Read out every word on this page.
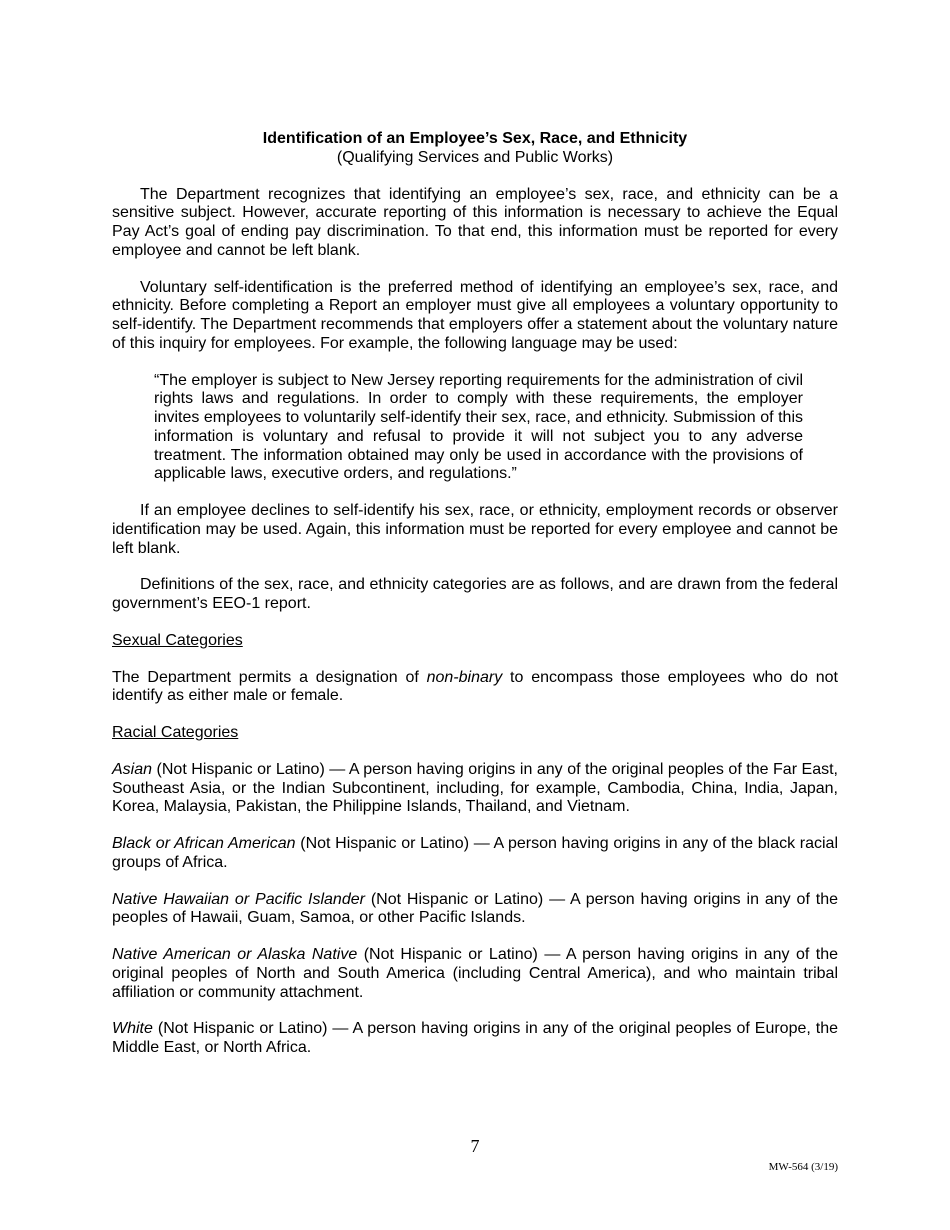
Identification of an Employee’s Sex, Race, and Ethnicity
(Qualifying Services and Public Works)

The Department recognizes that identifying an employee’s sex, race, and ethnicity can be a sensitive subject. However, accurate reporting of this information is necessary to achieve the Equal Pay Act’s goal of ending pay discrimination. To that end, this information must be reported for every employee and cannot be left blank.

Voluntary self-identification is the preferred method of identifying an employee’s sex, race, and ethnicity. Before completing a Report an employer must give all employees a voluntary opportunity to self-identify. The Department recommends that employers offer a statement about the voluntary nature of this inquiry for employees. For example, the following language may be used:

“The employer is subject to New Jersey reporting requirements for the administration of civil rights laws and regulations. In order to comply with these requirements, the employer invites employees to voluntarily self-identify their sex, race, and ethnicity. Submission of this information is voluntary and refusal to provide it will not subject you to any adverse treatment. The information obtained may only be used in accordance with the provisions of applicable laws, executive orders, and regulations.”

If an employee declines to self-identify his sex, race, or ethnicity, employment records or observer identification may be used. Again, this information must be reported for every employee and cannot be left blank.

Definitions of the sex, race, and ethnicity categories are as follows, and are drawn from the federal government’s EEO-1 report.

Sexual Categories

The Department permits a designation of non-binary to encompass those employees who do not identify as either male or female.

Racial Categories

Asian (Not Hispanic or Latino) — A person having origins in any of the original peoples of the Far East, Southeast Asia, or the Indian Subcontinent, including, for example, Cambodia, China, India, Japan, Korea, Malaysia, Pakistan, the Philippine Islands, Thailand, and Vietnam.

Black or African American (Not Hispanic or Latino) — A person having origins in any of the black racial groups of Africa.

Native Hawaiian or Pacific Islander (Not Hispanic or Latino) — A person having origins in any of the peoples of Hawaii, Guam, Samoa, or other Pacific Islands.

Native American or Alaska Native (Not Hispanic or Latino) — A person having origins in any of the original peoples of North and South America (including Central America), and who maintain tribal affiliation or community attachment.

White (Not Hispanic or Latino) — A person having origins in any of the original peoples of Europe, the Middle East, or North Africa.

7
MW-564 (3/19)
